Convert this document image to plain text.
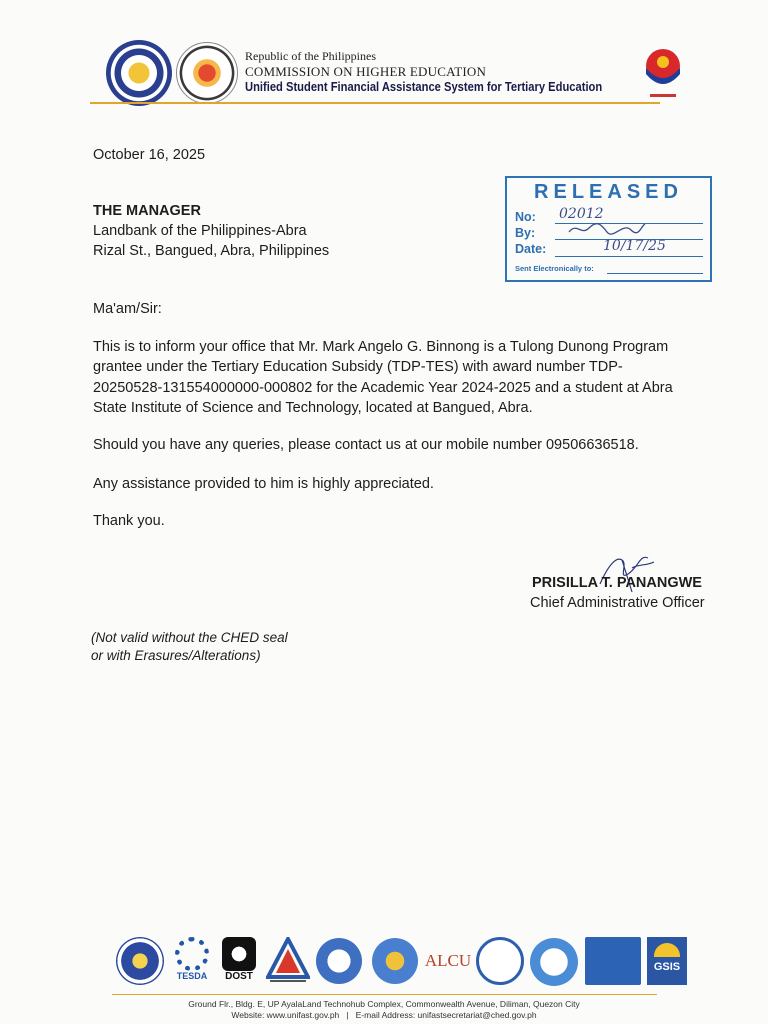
Republic of the Philippines
COMMISSION ON HIGHER EDUCATION
Unified Student Financial Assistance System for Tertiary Education
October 16, 2025
THE MANAGER
Landbank of the Philippines-Abra
Rizal St., Bangued, Abra, Philippines
RELEASED
No: 02012
By:
Date:	10/17/25
Sent Electronically to:
Ma'am/Sir:
This is to inform your office that Mr. Mark Angelo G. Binnong is a Tulong Dunong Program
grantee under the Tertiary Education Subsidy (TDP-TES) with award number TDP-
20250528-131554000000-000802 for the Academic Year 2024-2025 and a student at Abra
State Institute of Science and Technology, located at Bangued, Abra.
Should you have any queries, please contact us at our mobile number 09506636518.
Any assistance provided to him is highly appreciated.
Thank you.
PRISILLA T. PANANGWE
Chief Administrative Officer
(Not valid without the CHED seal
or with Erasures/Alterations)
TESDA	DOST
ALCU	GSIS
Ground Flr., Bldg. E, UP AyalaLand Technohub Complex, Commonwealth Avenue, Diliman, Quezon City
Website: www.unifast.gov.ph   |   E-mail Address: unifastsecretariat@ched.gov.ph
